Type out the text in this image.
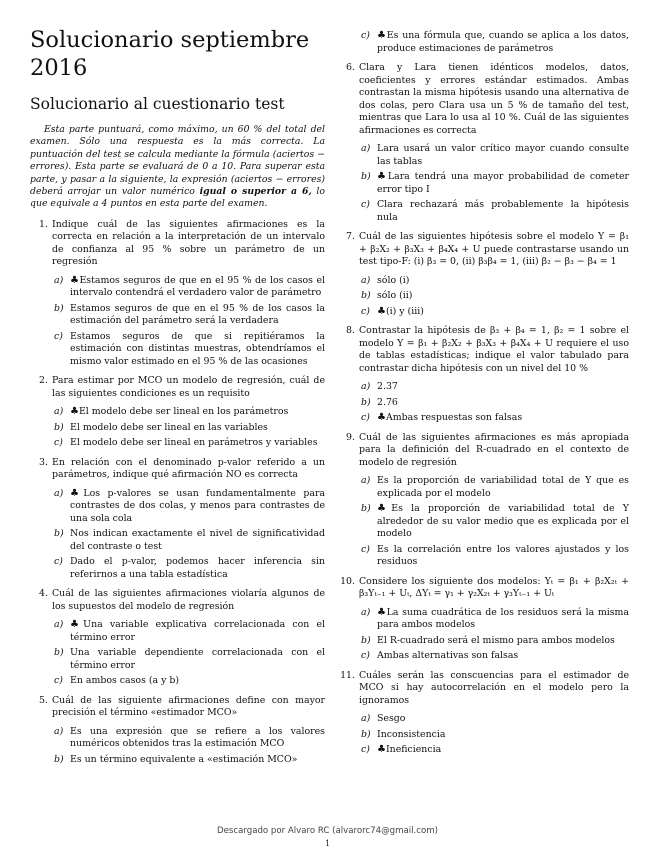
Solucionario septiembre
2016
Solucionario al cuestionario test

Esta parte puntuará, como máximo, un 60 % del total del examen. Sólo una respuesta es la más correcta. La puntuación del test se calcula mediante la fórmula (aciertos − errores). Esta parte se evaluará de 0 a 10. Para superar esta parte, y pasar a la siguiente, la expresión (aciertos − errores) deberá arrojar un valor numérico igual o superior a 6, lo que equivale a 4 puntos en esta parte del examen.

1. Indique cuál de las siguientes afirmaciones es la correcta en relación a la interpretación de un intervalo de confianza al 95 % sobre un parámetro de un regresión
a) ♣Estamos seguros de que en el 95 % de los casos el intervalo contendrá el verdadero valor de parámetro
b) Estamos seguros de que en el 95 % de los casos la estimación del parámetro será la verdadera
c) Estamos seguros de que si repitiéramos la estimación con distintas muestras, obtendríamos el mismo valor estimado en el 95 % de las ocasiones
2. Para estimar por MCO un modelo de regresión, cuál de las siguientes condiciones es un requisito
a) ♣El modelo debe ser lineal en los parámetros
b) El modelo debe ser lineal en las variables
c) El modelo debe ser lineal en parámetros y variables
3. En relación con el denominado p-valor referido a un parámetros, indique qué afirmación NO es correcta
a) ♣Los p-valores se usan fundamentalmente para contrastes de dos colas, y menos para contrastes de una sola cola
b) Nos indican exactamente el nivel de significatividad del contraste o test
c) Dado el p-valor, podemos hacer inferencia sin referirnos a una tabla estadística
4. Cuál de las siguientes afirmaciones violaría algunos de los supuestos del modelo de regresión
a) ♣Una variable explicativa correlacionada con el término error
b) Una variable dependiente correlacionada con el término error
c) En ambos casos (a y b)
5. Cuál de las siguiente afirmaciones define con mayor precisión el término «estimador MCO»
a) Es una expresión que se refiere a los valores numéricos obtenidos tras la estimación MCO
b) Es un término equivalente a «estimación MCO»
c) ♣Es una fórmula que, cuando se aplica a los datos, produce estimaciones de parámetros
6. Clara y Lara tienen idénticos modelos, datos, coeficientes y errores estándar estimados. Ambas contrastan la misma hipótesis usando una alternativa de dos colas, pero Clara usa un 5 % de tamaño del test, mientras que Lara lo usa al 10 %. Cuál de las siguientes afirmaciones es correcta
a) Lara usará un valor crítico mayor cuando consulte las tablas
b) ♣Lara tendrá una mayor probabilidad de cometer error tipo I
c) Clara rechazará más probablemente la hipótesis nula
7. Cuál de las siguientes hipótesis sobre el modelo Y = β₁ + β₂X₂ + β₃X₃ + β₄X₄ + U puede contrastarse usando un test tipo-F: (i) β₃ = 0, (ii) β₃β₄ = 1, (iii) β₂ − β₃ − β₄ = 1
a) sólo (i)
b) sólo (ii)
c) ♣(i) y (iii)
8. Contrastar la hipótesis de β₃ + β₄ = 1, β₂ = 1 sobre el modelo Y = β₁ + β₂X₂ + β₃X₃ + β₄X₄ + U requiere el uso de tablas estadísticas; indique el valor tabulado para contrastar dicha hipótesis con un nivel del 10 %
a) 2.37
b) 2.76
c) ♣Ambas respuestas son falsas
9. Cuál de las siguientes afirmaciones es más apropiada para la definición del R-cuadrado en el contexto de modelo de regresión
a) Es la proporción de variabilidad total de Y que es explicada por el modelo
b) ♣Es la proporción de variabilidad total de Y alrededor de su valor medio que es explicada por el modelo
c) Es la correlación entre los valores ajustados y los residuos
10. Considere los siguiente dos modelos: Yₜ = β₁ + β₂X₂ₜ + β₃Yₜ₋₁ + Uₜ, ΔYₜ = γ₁ + γ₂X₂ₜ + γ₃Yₜ₋₁ + Uₜ
a) ♣La suma cuadrática de los residuos será la misma para ambos modelos
b) El R-cuadrado será el mismo para ambos modelos
c) Ambas alternativas son falsas
11. Cuáles serán las conscuencias para el estimador de MCO si hay autocorrelación en el modelo pero la ignoramos
a) Sesgo
b) Inconsistencia
c) ♣Ineficiencia
Descargado por Alvaro RC (alvarorc74@gmail.com)
1
